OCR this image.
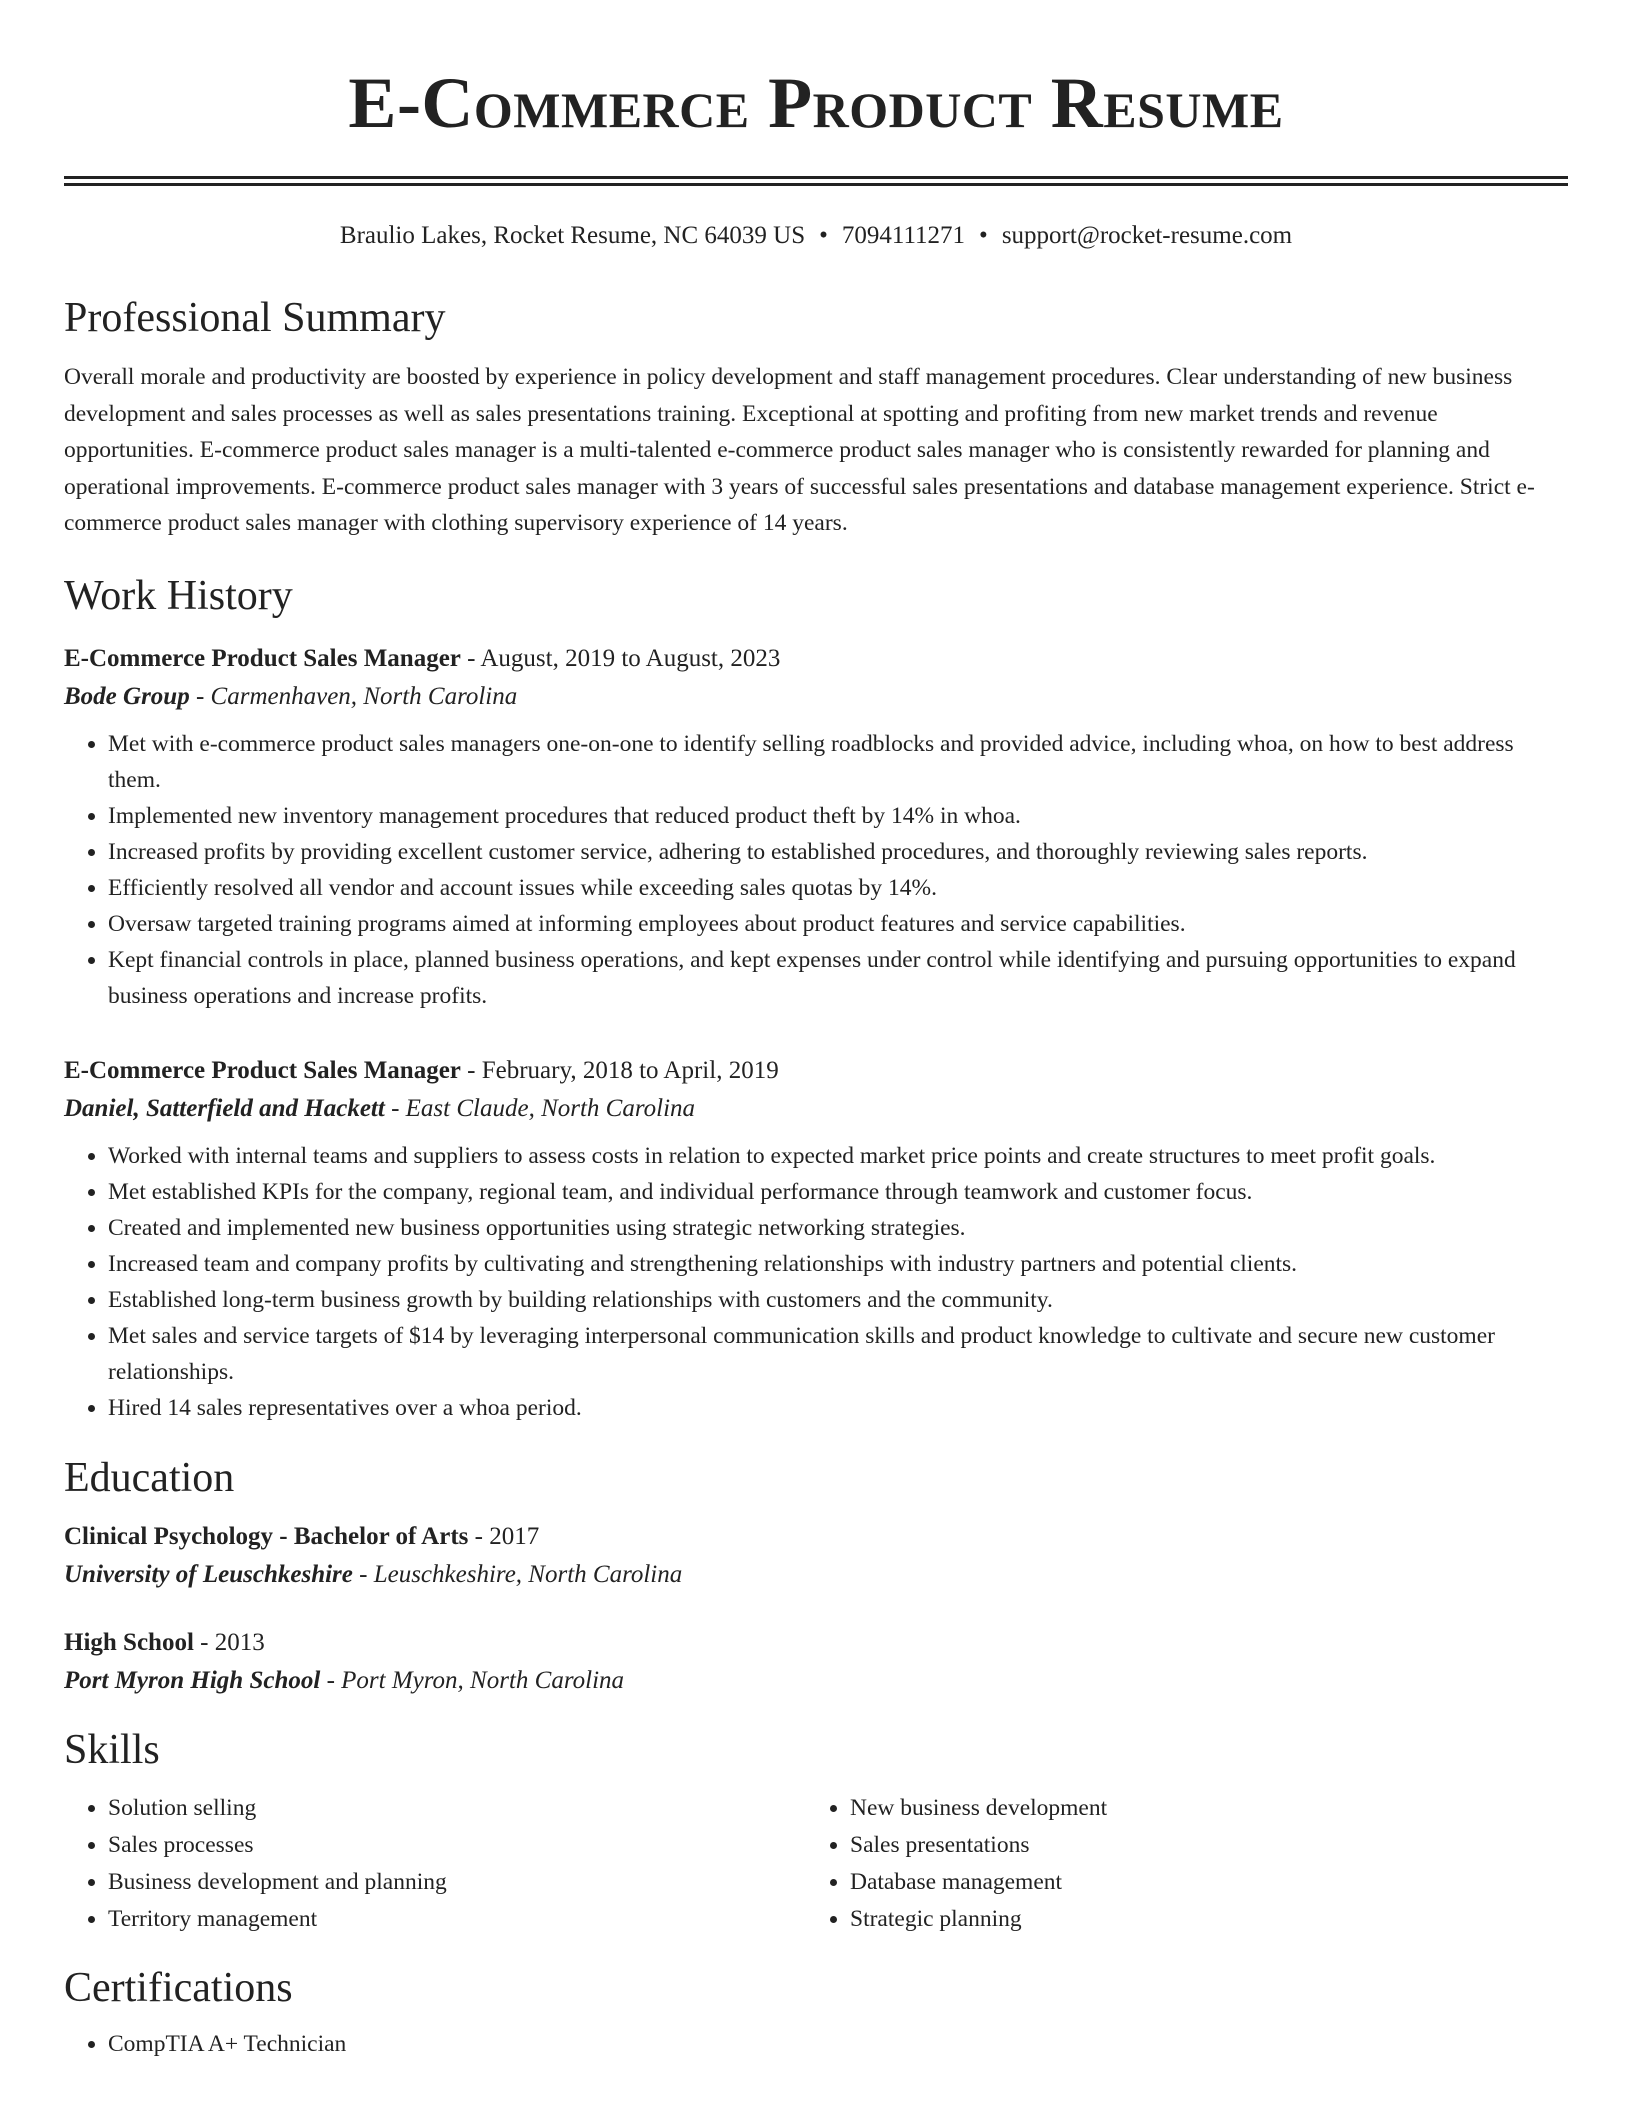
E-Commerce Product Resume
Braulio Lakes, Rocket Resume, NC 64039 US • 7094111271 • support@rocket-resume.com
Professional Summary

Overall morale and productivity are boosted by experience in policy development and staff management procedures. Clear understanding of new business development and sales processes as well as sales presentations training. Exceptional at spotting and profiting from new market trends and revenue opportunities. E-commerce product sales manager is a multi-talented e-commerce product sales manager who is consistently rewarded for planning and operational improvements. E-commerce product sales manager with 3 years of successful sales presentations and database management experience. Strict e-commerce product sales manager with clothing supervisory experience of 14 years.

Work History
E-Commerce Product Sales Manager - August, 2019 to August, 2023
Bode Group - Carmenhaven, North Carolina
• Met with e-commerce product sales managers one-on-one to identify selling roadblocks and provided advice, including whoa, on how to best address them.
• Implemented new inventory management procedures that reduced product theft by 14% in whoa.
• Increased profits by providing excellent customer service, adhering to established procedures, and thoroughly reviewing sales reports.
• Efficiently resolved all vendor and account issues while exceeding sales quotas by 14%.
• Oversaw targeted training programs aimed at informing employees about product features and service capabilities.
• Kept financial controls in place, planned business operations, and kept expenses under control while identifying and pursuing opportunities to expand business operations and increase profits.
E-Commerce Product Sales Manager - February, 2018 to April, 2019
Daniel, Satterfield and Hackett - East Claude, North Carolina
• Worked with internal teams and suppliers to assess costs in relation to expected market price points and create structures to meet profit goals.
• Met established KPIs for the company, regional team, and individual performance through teamwork and customer focus.
• Created and implemented new business opportunities using strategic networking strategies.
• Increased team and company profits by cultivating and strengthening relationships with industry partners and potential clients.
• Established long-term business growth by building relationships with customers and the community.
• Met sales and service targets of $14 by leveraging interpersonal communication skills and product knowledge to cultivate and secure new customer relationships.
• Hired 14 sales representatives over a whoa period.
Education
Clinical Psychology - Bachelor of Arts - 2017
University of Leuschkeshire - Leuschkeshire, North Carolina
High School - 2013
Port Myron High School - Port Myron, North Carolina
Skills
• Solution selling
• Sales processes
• Business development and planning
• Territory management
• New business development
• Sales presentations
• Database management
• Strategic planning
Certifications
• CompTIA A+ Technician
